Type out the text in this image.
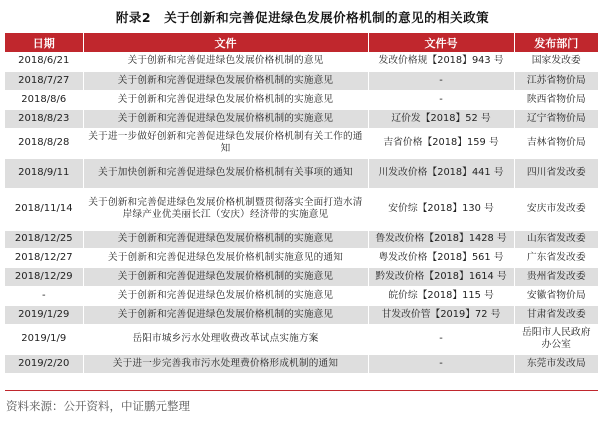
附录2　关于创新和完善促进绿色发展价格机制的意见的相关政策
日期	文件	文件号	发布部门
2018/6/21	关于创新和完善促进绿色发展价格机制的意见	发改价格规【2018】943 号	国家发改委
2018/7/27	关于创新和完善促进绿色发展价格机制的实施意见	-	江苏省物价局
2018/8/6	关于创新和完善促进绿色发展价格机制的实施意见	-	陕西省物价局
2018/8/23	关于创新和完善促进绿色发展价格机制的实施意见	辽价发【2018】52 号	辽宁省物价局
2018/8/28	关于进一步做好创新和完善促进绿色发展价格机制有关工作的通知	吉省价格【2018】159 号	吉林省物价局
2018/9/11	关于加快创新和完善促进绿色发展价格机制有关事项的通知	川发改价格【2018】441 号	四川省发改委
2018/11/14	关于创新和完善促进绿色发展价格机制暨贯彻落实全面打造水清岸绿产业优美丽长江（安庆）经济带的实施意见	安价综【2018】130 号	安庆市发改委
2018/12/25	关于创新和完善促进绿色发展价格机制的实施意见	鲁发改价格【2018】1428 号	山东省发改委
2018/12/27	关于创新和完善促进绿色发展价格机制实施意见的通知	粤发改价格【2018】561 号	广东省发改委
2018/12/29	关于创新和完善促进绿色发展价格机制的实施意见	黔发改价格【2018】1614 号	贵州省发改委
-	关于创新和完善促进绿色发展价格机制的实施意见	皖价综【2018】115 号	安徽省物价局
2019/1/29	关于创新和完善促进绿色发展价格机制的实施意见	甘发改价管【2019】72 号	甘肃省发改委
2019/1/9	岳阳市城乡污水处理收费改革试点实施方案	-	岳阳市人民政府办公室
2019/2/20	关于进一步完善我市污水处理费价格形成机制的通知	-	东莞市发改局
资料来源：公开资料，中证鹏元整理
